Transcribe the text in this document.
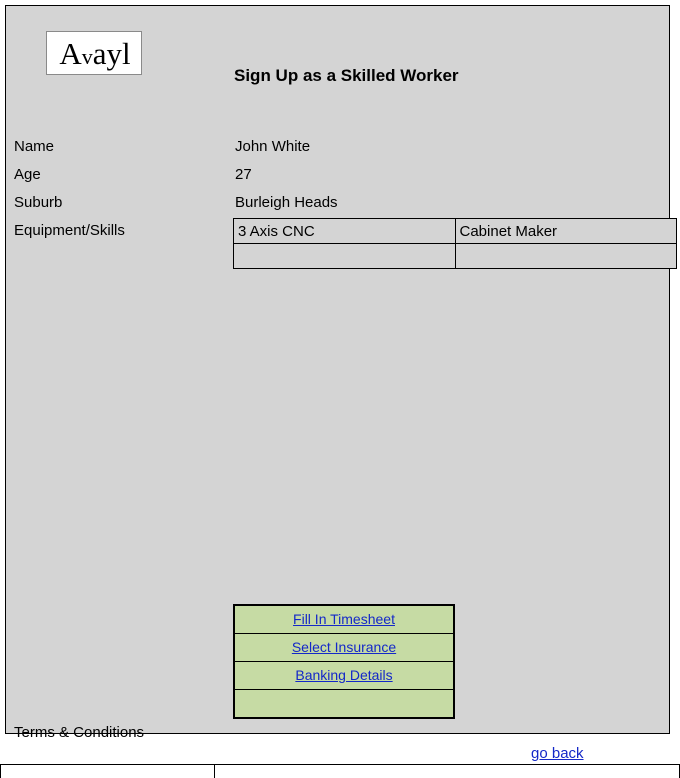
Avayl
Sign Up as a Skilled Worker
Name	John White
Age	27
Suburb	Burleigh Heads
Equipment/Skills	3 Axis CNC	Cabinet Maker

Fill In Timesheet
Select Insurance
Banking Details
Terms & Conditions
go back
